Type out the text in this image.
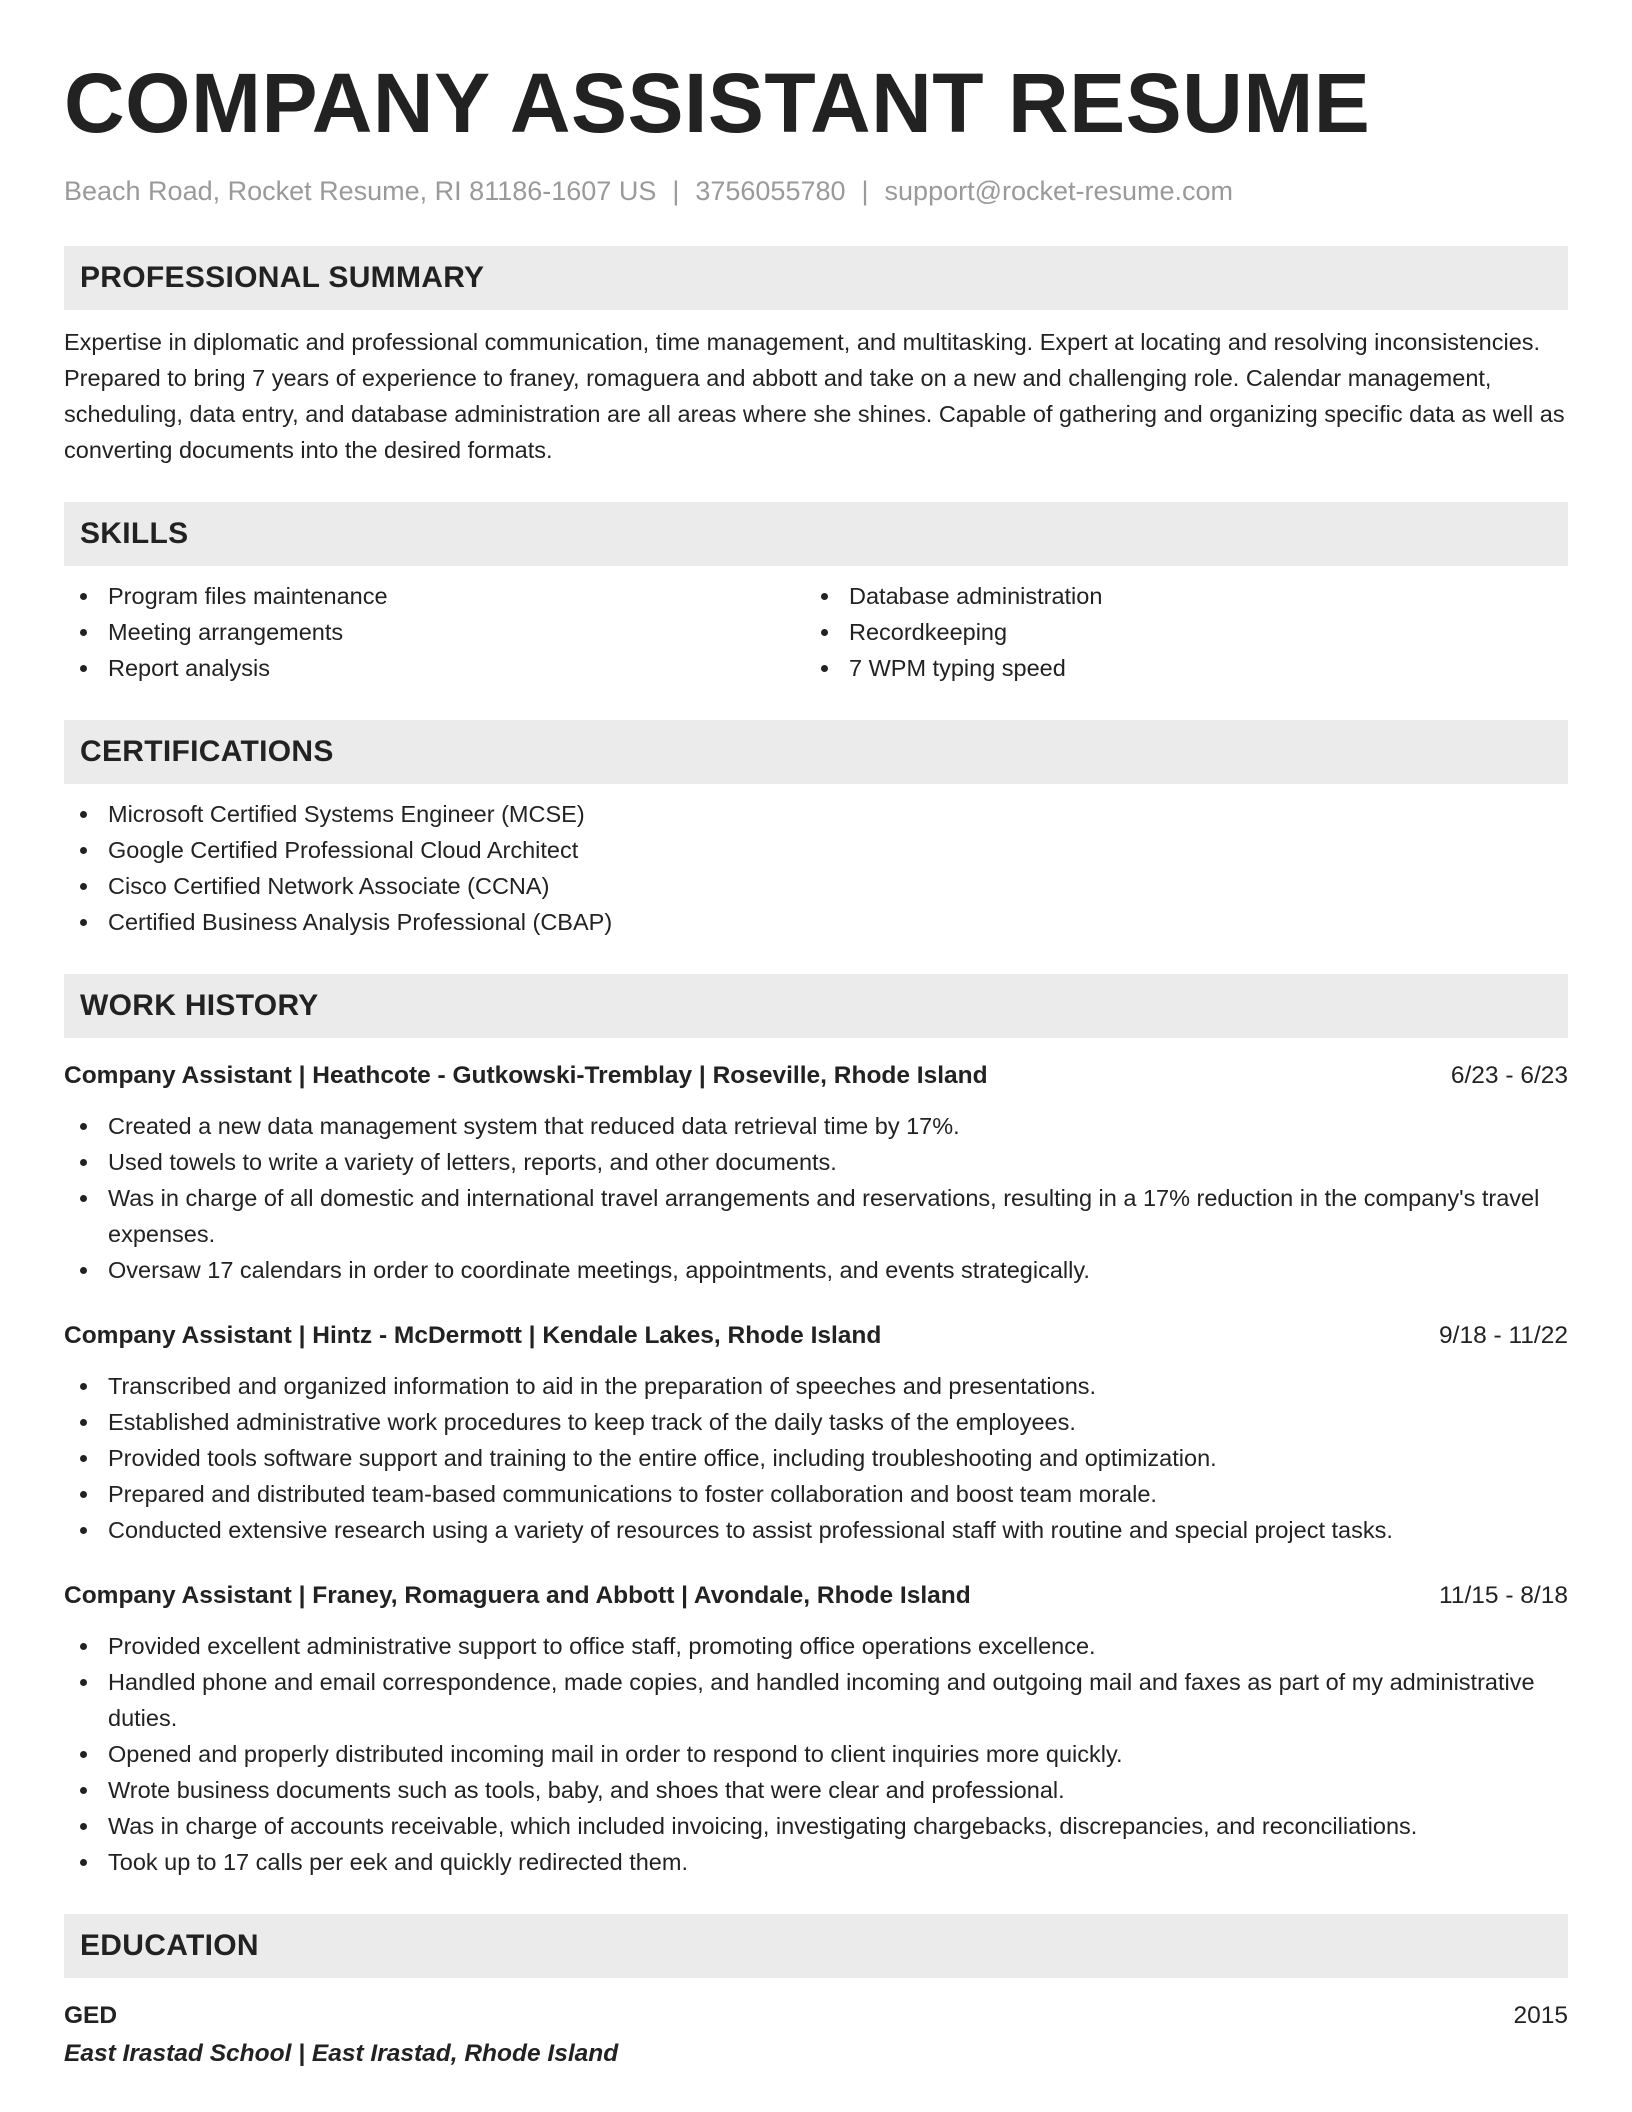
COMPANY ASSISTANT RESUME
Beach Road, Rocket Resume, RI 81186-1607 US | 3756055780 | support@rocket-resume.com
PROFESSIONAL SUMMARY

Expertise in diplomatic and professional communication, time management, and multitasking. Expert at locating and resolving inconsistencies. Prepared to bring 7 years of experience to franey, romaguera and abbott and take on a new and challenging role. Calendar management, scheduling, data entry, and database administration are all areas where she shines. Capable of gathering and organizing specific data as well as converting documents into the desired formats.

SKILLS
Program files maintenance
Meeting arrangements
Report analysis
Database administration
Recordkeeping
7 WPM typing speed
CERTIFICATIONS
Microsoft Certified Systems Engineer (MCSE)
Google Certified Professional Cloud Architect
Cisco Certified Network Associate (CCNA)
Certified Business Analysis Professional (CBAP)
WORK HISTORY
Company Assistant | Heathcote - Gutkowski-Tremblay | Roseville, Rhode Island	6/23 - 6/23
Created a new data management system that reduced data retrieval time by 17%.
Used towels to write a variety of letters, reports, and other documents.
Was in charge of all domestic and international travel arrangements and reservations, resulting in a 17% reduction in the company's travel expenses.
Oversaw 17 calendars in order to coordinate meetings, appointments, and events strategically.
Company Assistant | Hintz - McDermott | Kendale Lakes, Rhode Island	9/18 - 11/22
Transcribed and organized information to aid in the preparation of speeches and presentations.
Established administrative work procedures to keep track of the daily tasks of the employees.
Provided tools software support and training to the entire office, including troubleshooting and optimization.
Prepared and distributed team-based communications to foster collaboration and boost team morale.
Conducted extensive research using a variety of resources to assist professional staff with routine and special project tasks.
Company Assistant | Franey, Romaguera and Abbott | Avondale, Rhode Island	11/15 - 8/18
Provided excellent administrative support to office staff, promoting office operations excellence.
Handled phone and email correspondence, made copies, and handled incoming and outgoing mail and faxes as part of my administrative duties.
Opened and properly distributed incoming mail in order to respond to client inquiries more quickly.
Wrote business documents such as tools, baby, and shoes that were clear and professional.
Was in charge of accounts receivable, which included invoicing, investigating chargebacks, discrepancies, and reconciliations.
Took up to 17 calls per eek and quickly redirected them.
EDUCATION
GED	2015
East Irastad School | East Irastad, Rhode Island
